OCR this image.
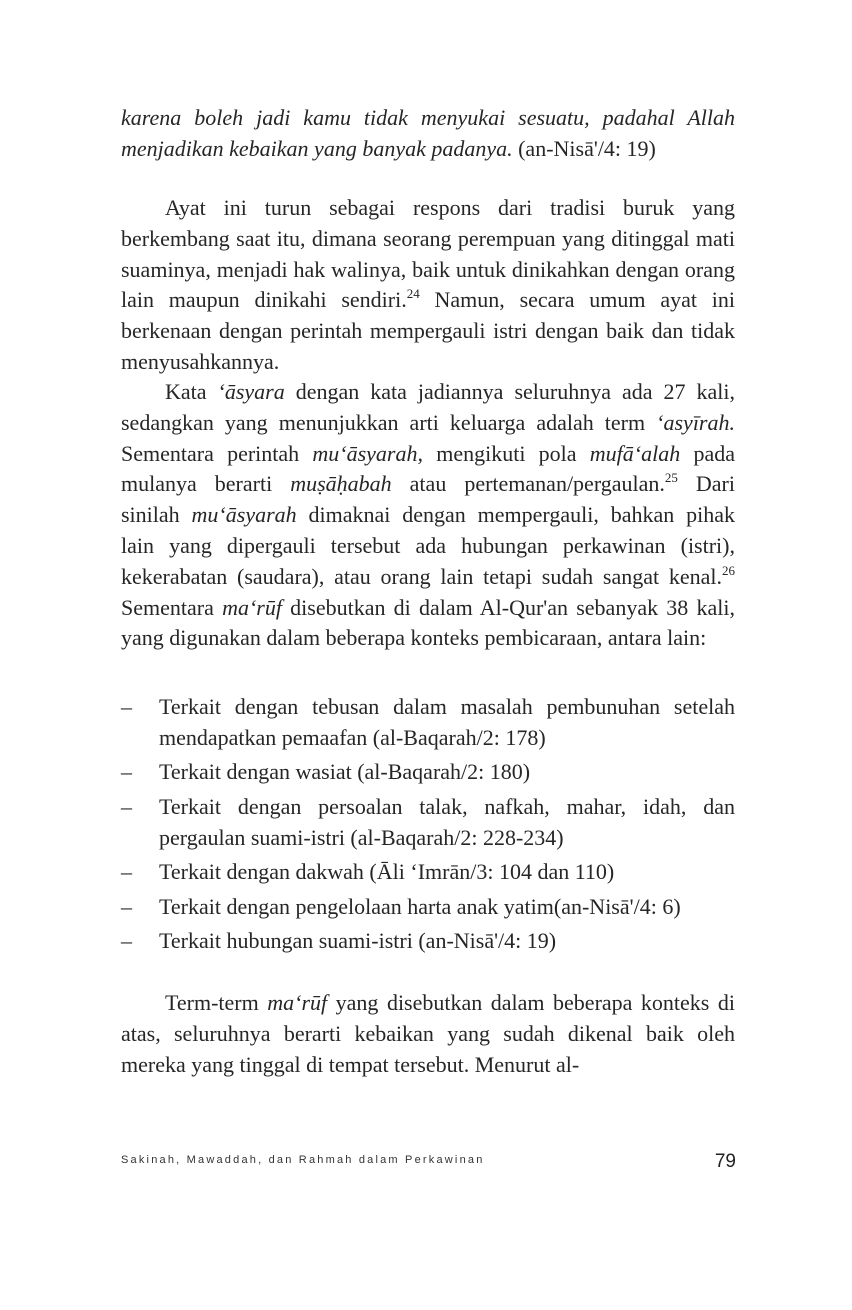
karena boleh jadi kamu tidak menyukai sesuatu, padahal Allah menjadikan kebaikan yang banyak padanya. (an-Nisā'/4: 19)

Ayat ini turun sebagai respons dari tradisi buruk yang berkembang saat itu, dimana seorang perempuan yang ditinggal mati suaminya, menjadi hak walinya, baik untuk dinikahkan dengan orang lain maupun dinikahi sendiri.$^{24}$ Namun, secara umum ayat ini berkenaan dengan perintah mempergauli istri dengan baik dan tidak menyusahkannya.

Kata ‘āsyara dengan kata jadiannya seluruhnya ada 27 kali, sedangkan yang menunjukkan arti keluarga adalah term ‘asyīrah. Sementara perintah mu‘āsyarah, mengikuti pola mufā‘alah pada mulanya berarti muṣāḥabah atau pertemanan/pergaulan.$^{25}$ Dari sinilah mu‘āsyarah dimaknai dengan mempergauli, bahkan pihak lain yang dipergauli tersebut ada hubungan perkawinan (istri), kekerabatan (saudara), atau orang lain tetapi sudah sangat kenal.$^{26}$ Sementara ma‘rūf disebutkan di dalam Al-Qur'an sebanyak 38 kali, yang digunakan dalam beberapa konteks pembicaraan, antara lain:

– Terkait dengan tebusan dalam masalah pembunuhan setelah mendapatkan pemaafan (al-Baqarah/2: 178)
– Terkait dengan wasiat (al-Baqarah/2: 180)
– Terkait dengan persoalan talak, nafkah, mahar, idah, dan pergaulan suami-istri (al-Baqarah/2: 228-234)
– Terkait dengan dakwah (Āli ‘Imrān/3: 104 dan 110)
– Terkait dengan pengelolaan harta anak yatim(an-Nisā'/4: 6)
– Terkait hubungan suami-istri (an-Nisā'/4: 19)

Term-term ma‘rūf yang disebutkan dalam beberapa konteks di atas, seluruhnya berarti kebaikan yang sudah dikenal baik oleh mereka yang tinggal di tempat tersebut. Menurut al-

Sakinah, Mawaddah, dan Rahmah dalam Perkawinan	79
